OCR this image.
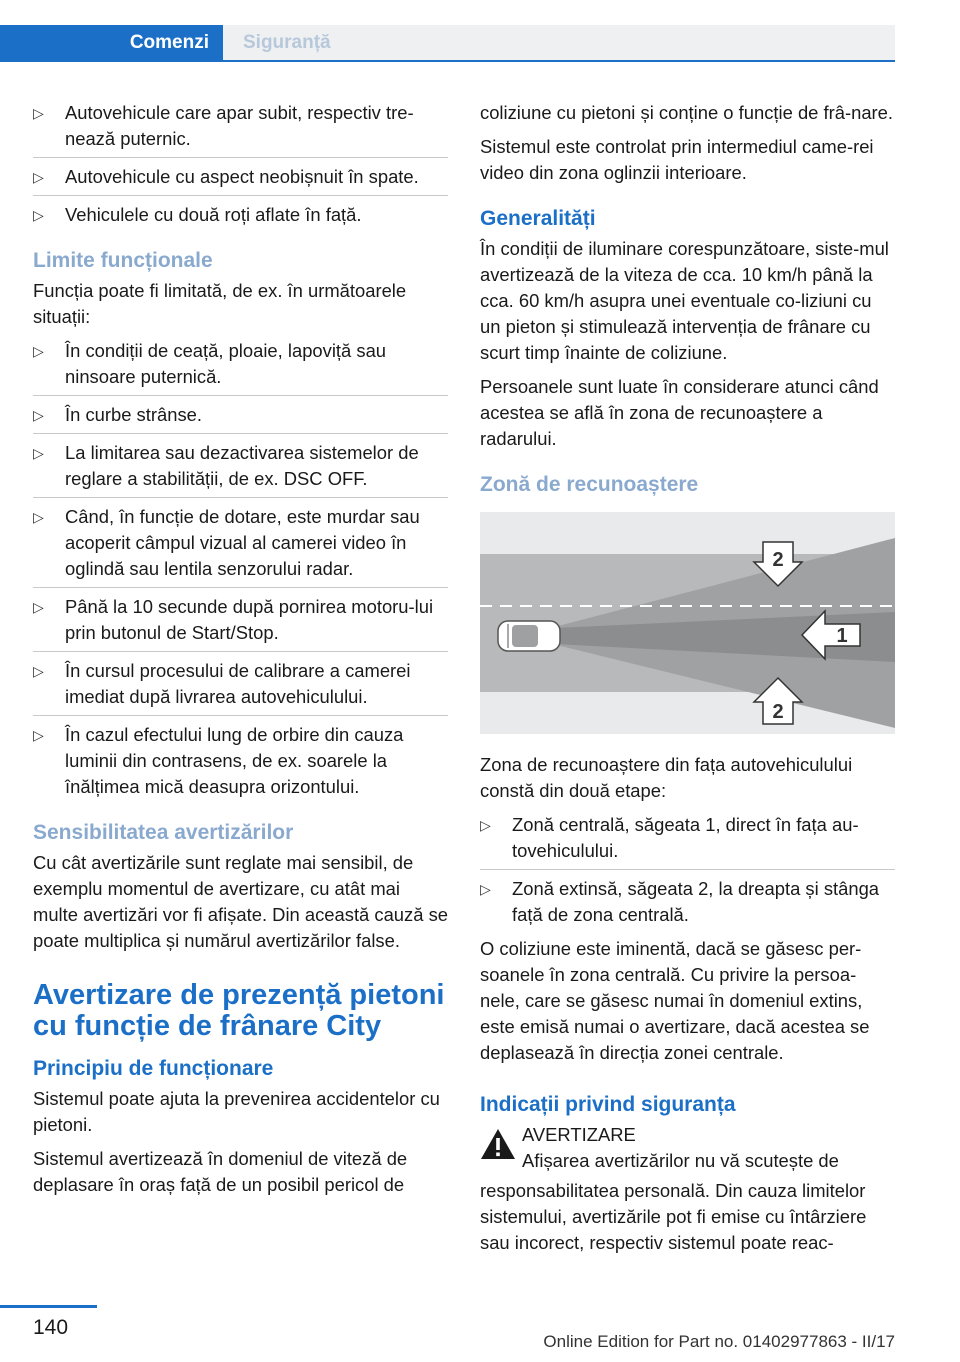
Comenzi	Siguranță
▷ Autovehicule care apar subit, respectiv tre-nează puternic.
▷ Autovehicule cu aspect neobișnuit în spate.
▷ Vehiculele cu două roți aflate în față.
Limite funcționale

Funcția poate fi limitată, de ex. în următoarele situații:

▷ În condiții de ceață, ploaie, lapoviță sau ninsoare puternică.
▷ În curbe strânse.
▷ La limitarea sau dezactivarea sistemelor de reglare a stabilității, de ex. DSC OFF.
▷ Când, în funcție de dotare, este murdar sau acoperit câmpul vizual al camerei video în oglindă sau lentila senzorului radar.
▷ Până la 10 secunde după pornirea motoru-lui prin butonul de Start/Stop.
▷ În cursul procesului de calibrare a camerei imediat după livrarea autovehiculului.
▷ În cazul efectului lung de orbire din cauza luminii din contrasens, de ex. soarele la înălțimea mică deasupra orizontului.
Sensibilitatea avertizărilor

Cu cât avertizările sunt reglate mai sensibil, de exemplu momentul de avertizare, cu atât mai multe avertizări vor fi afișate. Din această cauză se poate multiplica și numărul avertizărilor false.

Avertizare de prezență pietoni cu funcție de frânare City
Principiu de funcționare

Sistemul poate ajuta la prevenirea accidentelor cu pietoni.

Sistemul avertizează în domeniul de viteză de deplasare în oraș față de un posibil pericol de

coliziune cu pietoni și conține o funcție de frâ-nare.

Sistemul este controlat prin intermediul came-rei video din zona oglinzii interioare.

Generalități

În condiții de iluminare corespunzătoare, siste-mul avertizează de la viteza de cca. 10 km/h până la cca. 60 km/h asupra unei eventuale co-liziuni cu un pieton și stimulează intervenția de frânare cu scurt timp înainte de coliziune.

Persoanele sunt luate în considerare atunci când acestea se află în zona de recunoaștere a radarului.

Zonă de recunoaștere
2
1
2

Zona de recunoaștere din fața autovehiculului constă din două etape:

▷ Zonă centrală, săgeata 1, direct în fața au-tovehiculului.
▷ Zonă extinsă, săgeata 2, la dreapta și stânga față de zona centrală.

O coliziune este iminentă, dacă se găsesc per-soanele în zona centrală. Cu privire la persoa-nele, care se găsesc numai în domeniul extins, este emisă numai o avertizare, dacă acestea se deplasează în direcția zonei centrale.

Indicații privind siguranța
AVERTIZARE
Afișarea avertizărilor nu vă scutește de
responsabilitatea personală. Din cauza limitelor sistemului, avertizările pot fi emise cu întârziere sau incorect, respectiv sistemul poate reac-
140
Online Edition for Part no. 01402977863 - II/17
